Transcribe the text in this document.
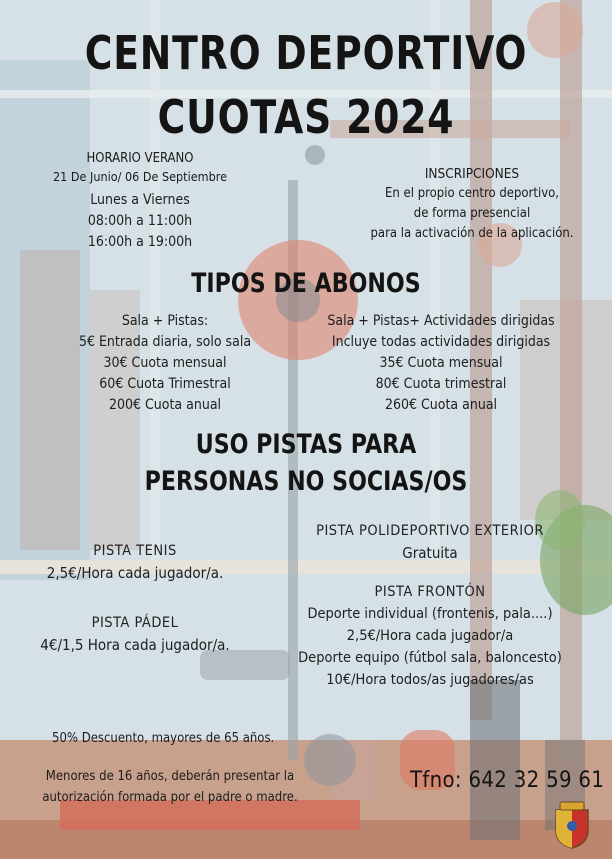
CENTRO DEPORTIVO
CUOTAS 2024
HORARIO VERANO
21 De Junio/ 06 De Septiembre
Lunes a Viernes
08:00h a 11:00h
16:00h a 19:00h
INSCRIPCIONES
En el propio centro deportivo,
de forma presencial
para la activación de la aplicación.
TIPOS DE ABONOS
Sala + Pistas:
5€ Entrada diaria, solo sala
30€ Cuota mensual
60€ Cuota Trimestral
200€ Cuota anual
Sala + Pistas+ Actividades dirigidas
Incluye todas actividades dirigidas
35€ Cuota mensual
80€ Cuota trimestral
260€ Cuota anual
USO PISTAS PARA
PERSONAS NO SOCIAS/OS
PISTA TENIS
2,5€/Hora cada jugador/a.
PISTA PÁDEL
4€/1,5 Hora cada jugador/a.
PISTA POLIDEPORTIVO EXTERIOR
Gratuita
PISTA FRONTÓN
Deporte individual (frontenis, pala....)
2,5€/Hora cada jugador/a
Deporte equipo (fútbol sala, baloncesto)
10€/Hora todos/as jugadores/as
50% Descuento, mayores de 65 años.
Menores de 16 años, deberán presentar la
autorización formada por el padre o madre.
Tfno: 642 32 59 61
